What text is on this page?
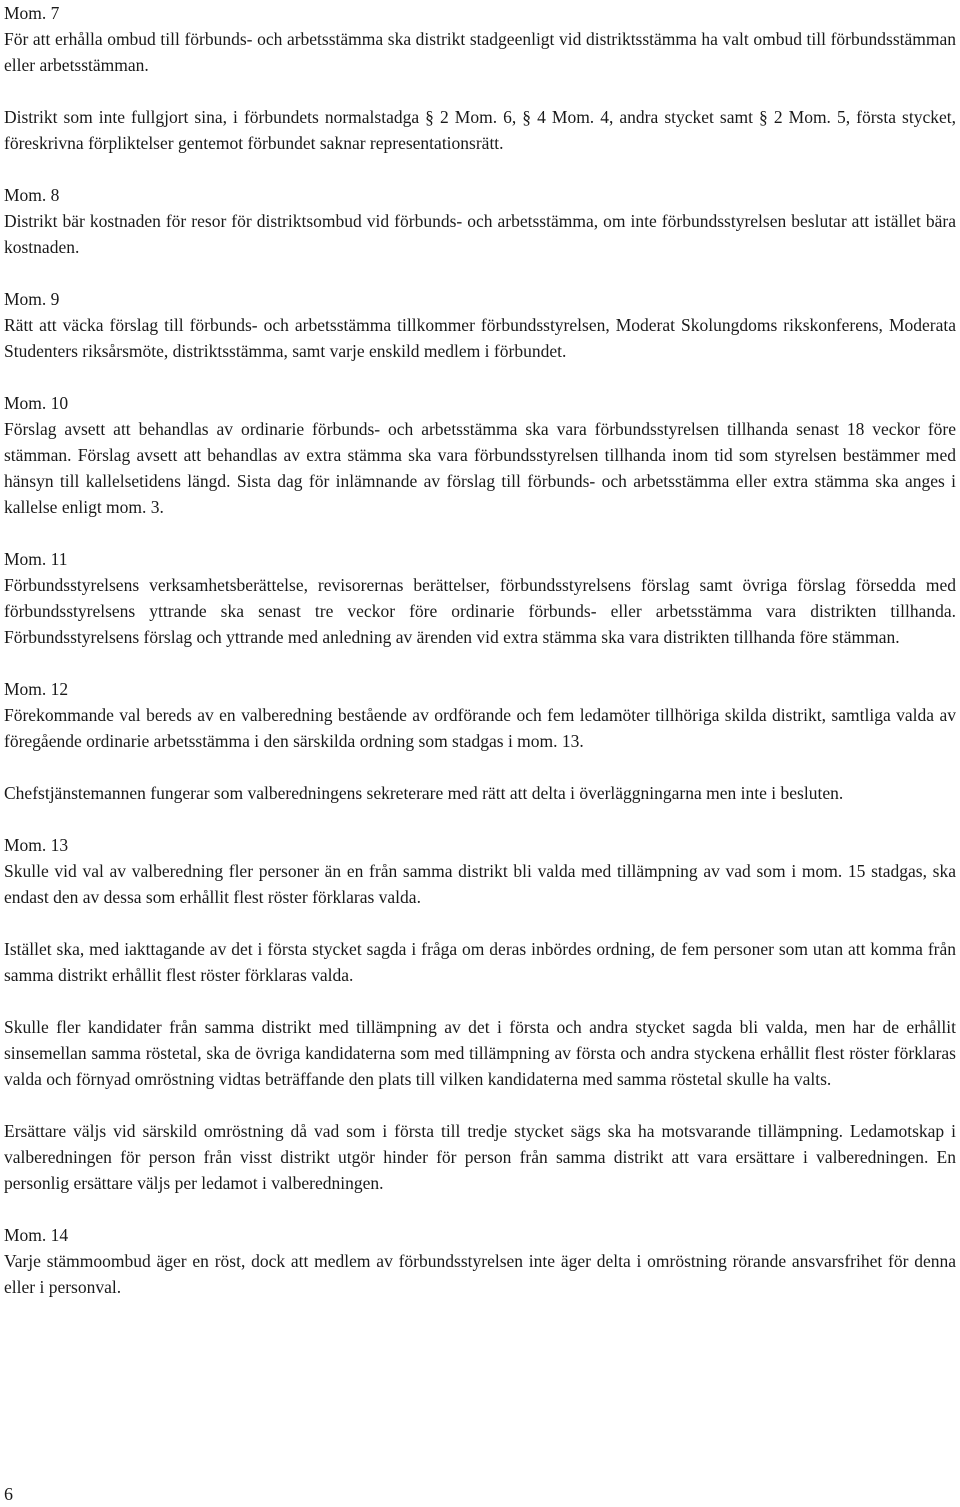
Mom. 7

För att erhålla ombud till förbunds- och arbetsstämma ska distrikt stadgeenligt vid distriktsstämma ha valt ombud till förbundsstämman eller arbetsstämman.

Distrikt som inte fullgjort sina, i förbundets normalstadga § 2 Mom. 6, § 4 Mom. 4, andra stycket samt § 2 Mom. 5, första stycket, föreskrivna förpliktelser gentemot förbundet saknar representationsrätt.

Mom. 8

Distrikt bär kostnaden för resor för distriktsombud vid förbunds- och arbetsstämma, om inte förbundsstyrelsen beslutar att istället bära kostnaden.

Mom. 9

Rätt att väcka förslag till förbunds- och arbetsstämma tillkommer förbundsstyrelsen, Moderat Skolungdoms rikskonferens, Moderata Studenters riksårsmöte, distriktsstämma, samt varje enskild medlem i förbundet.

Mom. 10

Förslag avsett att behandlas av ordinarie förbunds- och arbetsstämma ska vara förbundsstyrelsen tillhanda senast 18 veckor före stämman. Förslag avsett att behandlas av extra stämma ska vara förbundsstyrelsen tillhanda inom tid som styrelsen bestämmer med hänsyn till kallelsetidens längd. Sista dag för inlämnande av förslag till förbunds- och arbetsstämma eller extra stämma ska anges i kallelse enligt mom. 3.

Mom. 11

Förbundsstyrelsens verksamhetsberättelse, revisorernas berättelser, förbundsstyrelsens förslag samt övriga förslag försedda med förbundsstyrelsens yttrande ska senast tre veckor före ordinarie förbunds- eller arbetsstämma vara distrikten tillhanda. Förbundsstyrelsens förslag och yttrande med anledning av ärenden vid extra stämma ska vara distrikten tillhanda före stämman.

Mom. 12

Förekommande val bereds av en valberedning bestående av ordförande och fem ledamöter tillhöriga skilda distrikt, samtliga valda av föregående ordinarie arbetsstämma i den särskilda ordning som stadgas i mom. 13.

Chefstjänstemannen fungerar som valberedningens sekreterare med rätt att delta i överläggningarna men inte i besluten.

Mom. 13

Skulle vid val av valberedning fler personer än en från samma distrikt bli valda med tillämpning av vad som i mom. 15 stadgas, ska endast den av dessa som erhållit flest röster förklaras valda.

Istället ska, med iakttagande av det i första stycket sagda i fråga om deras inbördes ordning, de fem personer som utan att komma från samma distrikt erhållit flest röster förklaras valda.

Skulle fler kandidater från samma distrikt med tillämpning av det i första och andra stycket sagda bli valda, men har de erhållit sinsemellan samma röstetal, ska de övriga kandidaterna som med tillämpning av första och andra styckena erhållit flest röster förklaras valda och förnyad omröstning vidtas beträffande den plats till vilken kandidaterna med samma röstetal skulle ha valts.

Ersättare väljs vid särskild omröstning då vad som i första till tredje stycket sägs ska ha motsvarande tillämpning. Ledamotskap i valberedningen för person från visst distrikt utgör hinder för person från samma distrikt att vara ersättare i valberedningen. En personlig ersättare väljs per ledamot i valberedningen.

Mom. 14

Varje stämmoombud äger en röst, dock att medlem av förbundsstyrelsen inte äger delta i omröstning rörande ansvarsfrihet för denna eller i personval.

6
